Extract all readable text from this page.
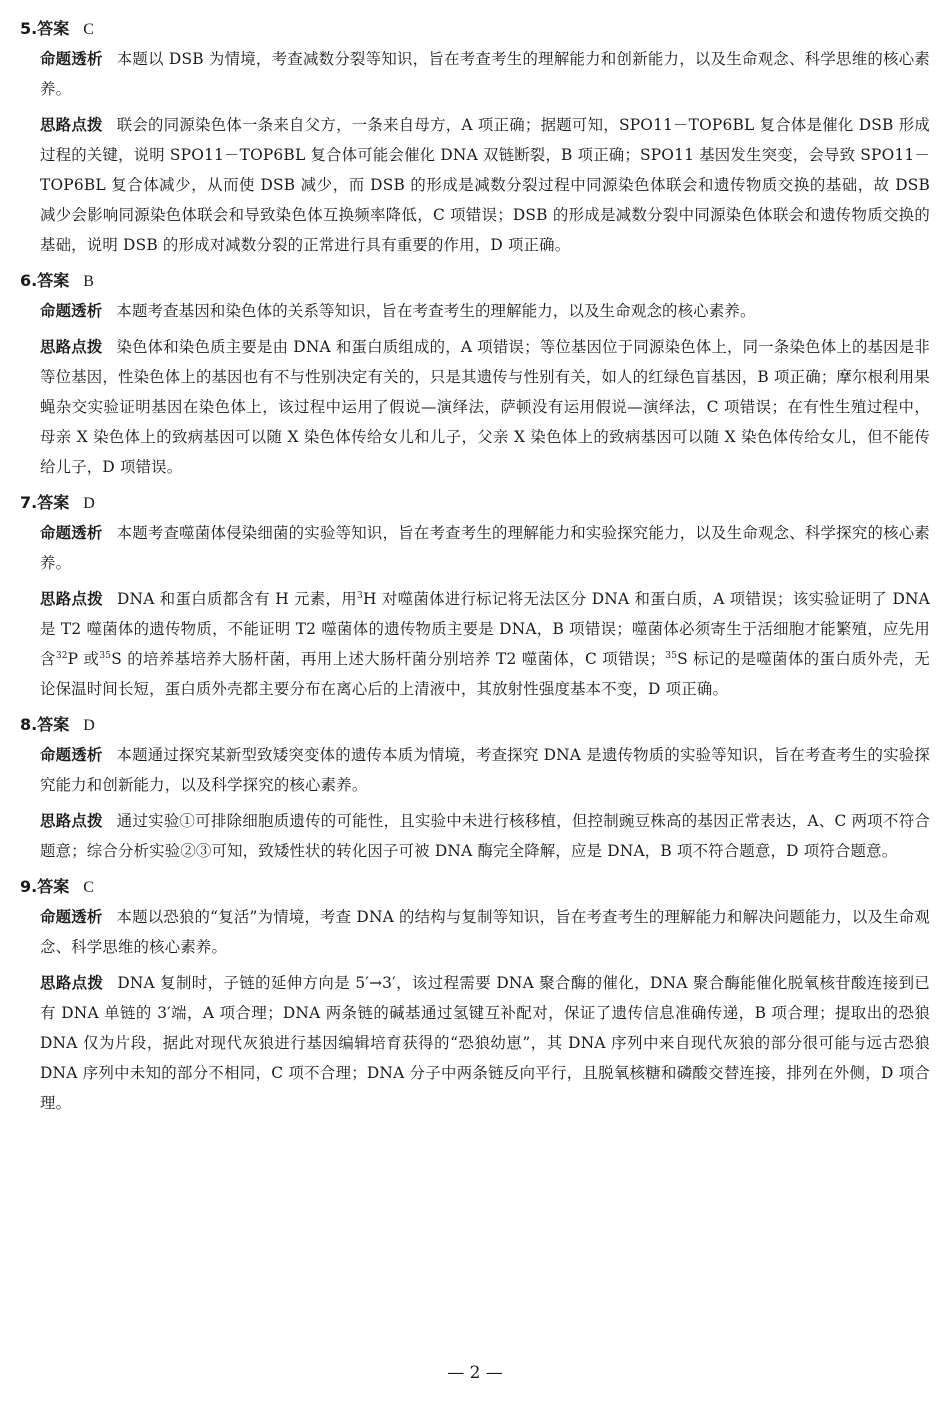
5.答案 C

命题透析 本题以 DSB 为情境，考查减数分裂等知识，旨在考查考生的理解能力和创新能力，以及生命观念、科学思维的核心素养。

思路点拨 联会的同源染色体一条来自父方，一条来自母方，A 项正确；据题可知，SPO11－TOP6BL 复合体是催化 DSB 形成过程的关键，说明 SPO11－TOP6BL 复合体可能会催化 DNA 双链断裂，B 项正确；SPO11 基因发生突变，会导致 SPO11－TOP6BL 复合体减少，从而使 DSB 减少，而 DSB 的形成是减数分裂过程中同源染色体联会和遗传物质交换的基础，故 DSB 减少会影响同源染色体联会和导致染色体互换频率降低，C 项错误；DSB 的形成是减数分裂中同源染色体联会和遗传物质交换的基础，说明 DSB 的形成对减数分裂的正常进行具有重要的作用，D 项正确。

6.答案 B

命题透析 本题考查基因和染色体的关系等知识，旨在考查考生的理解能力，以及生命观念的核心素养。

思路点拨 染色体和染色质主要是由 DNA 和蛋白质组成的，A 项错误；等位基因位于同源染色体上，同一条染色体上的基因是非等位基因，性染色体上的基因也有不与性别决定有关的，只是其遗传与性别有关，如人的红绿色盲基因，B 项正确；摩尔根利用果蝇杂交实验证明基因在染色体上，该过程中运用了假说—演绎法，萨顿没有运用假说—演绎法，C 项错误；在有性生殖过程中，母亲 X 染色体上的致病基因可以随 X 染色体传给女儿和儿子，父亲 X 染色体上的致病基因可以随 X 染色体传给女儿，但不能传给儿子，D 项错误。

7.答案 D

命题透析 本题考查噬菌体侵染细菌的实验等知识，旨在考查考生的理解能力和实验探究能力，以及生命观念、科学探究的核心素养。

思路点拨 DNA 和蛋白质都含有 H 元素，用$^3$H 对噬菌体进行标记将无法区分 DNA 和蛋白质，A 项错误；该实验证明了 DNA 是 T2 噬菌体的遗传物质，不能证明 T2 噬菌体的遗传物质主要是 DNA，B 项错误；噬菌体必须寄生于活细胞才能繁殖，应先用含$^{32}$P 或$^{35}$S 的培养基培养大肠杆菌，再用上述大肠杆菌分别培养 T2 噬菌体，C 项错误；$^{35}$S 标记的是噬菌体的蛋白质外壳，无论保温时间长短，蛋白质外壳都主要分布在离心后的上清液中，其放射性强度基本不变，D 项正确。

8.答案 D

命题透析 本题通过探究某新型致矮突变体的遗传本质为情境，考查探究 DNA 是遗传物质的实验等知识，旨在考查考生的实验探究能力和创新能力，以及科学探究的核心素养。

思路点拨 通过实验①可排除细胞质遗传的可能性，且实验中未进行核移植，但控制豌豆株高的基因正常表达，A、C 两项不符合题意；综合分析实验②③可知，致矮性状的转化因子可被 DNA 酶完全降解，应是 DNA，B 项不符合题意，D 项符合题意。

9.答案 C

命题透析 本题以恐狼的“复活”为情境，考查 DNA 的结构与复制等知识，旨在考查考生的理解能力和解决问题能力，以及生命观念、科学思维的核心素养。

思路点拨 DNA 复制时，子链的延伸方向是 5′→3′，该过程需要 DNA 聚合酶的催化，DNA 聚合酶能催化脱氧核苷酸连接到已有 DNA 单链的 3′端，A 项合理；DNA 两条链的碱基通过氢键互补配对，保证了遗传信息准确传递，B 项合理；提取出的恐狼 DNA 仅为片段，据此对现代灰狼进行基因编辑培育获得的“恐狼幼崽”，其 DNA 序列中来自现代灰狼的部分很可能与远古恐狼 DNA 序列中未知的部分不相同，C 项不合理；DNA 分子中两条链反向平行，且脱氧核糖和磷酸交替连接，排列在外侧，D 项合理。

— 2 —
